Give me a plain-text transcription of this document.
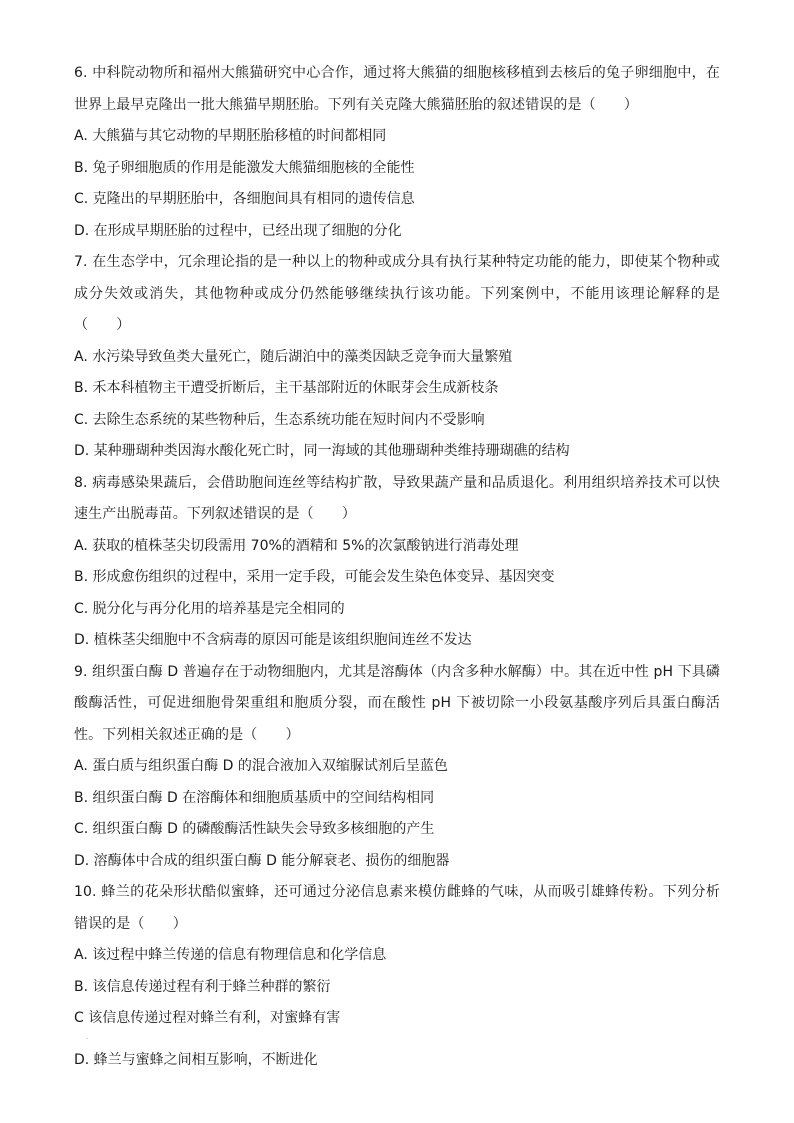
6. 中科院动物所和福州大熊猫研究中心合作，通过将大熊猫的细胞核移植到去核后的兔子卵细胞中，在世界上最早克隆出一批大熊猫早期胚胎。下列有关克隆大熊猫胚胎的叙述错误的是（　　）

A. 大熊猫与其它动物的早期胚胎移植的时间都相同

B. 兔子卵细胞质的作用是能激发大熊猫细胞核的全能性

C. 克隆出的早期胚胎中，各细胞间具有相同的遗传信息

D. 在形成早期胚胎的过程中，已经出现了细胞的分化

7. 在生态学中，冗余理论指的是一种以上的物种或成分具有执行某种特定功能的能力，即使某个物种或成分失效或消失，其他物种或成分仍然能够继续执行该功能。下列案例中，不能用该理论解释的是（　　）

A. 水污染导致鱼类大量死亡，随后湖泊中的藻类因缺乏竞争而大量繁殖

B. 禾本科植物主干遭受折断后，主干基部附近的休眠芽会生成新枝条

C. 去除生态系统的某些物种后，生态系统功能在短时间内不受影响

D. 某种珊瑚种类因海水酸化死亡时，同一海域的其他珊瑚种类维持珊瑚礁的结构

8. 病毒感染果蔬后，会借助胞间连丝等结构扩散，导致果蔬产量和品质退化。利用组织培养技术可以快速生产出脱毒苗。下列叙述错误的是（　　）

A. 获取的植株茎尖切段需用 70%的酒精和 5%的次氯酸钠进行消毒处理

B. 形成愈伤组织的过程中，采用一定手段，可能会发生染色体变异、基因突变

C. 脱分化与再分化用的培养基是完全相同的

D. 植株茎尖细胞中不含病毒的原因可能是该组织胞间连丝不发达

9. 组织蛋白酶 D 普遍存在于动物细胞内，尤其是溶酶体（内含多种水解酶）中。其在近中性 pH 下具磷酸酶活性，可促进细胞骨架重组和胞质分裂，而在酸性 pH 下被切除一小段氨基酸序列后具蛋白酶活性。下列相关叙述正确的是（　　）

A. 蛋白质与组织蛋白酶 D 的混合液加入双缩脲试剂后呈蓝色

B. 组织蛋白酶 D 在溶酶体和细胞质基质中的空间结构相同

C. 组织蛋白酶 D 的磷酸酶活性缺失会导致多核细胞的产生

D. 溶酶体中合成的组织蛋白酶 D 能分解衰老、损伤的细胞器

10. 蜂兰的花朵形状酷似蜜蜂，还可通过分泌信息素来模仿雌蜂的气味，从而吸引雄蜂传粉。下列分析错误的是（　　）

A. 该过程中蜂兰传递的信息有物理信息和化学信息

B. 该信息传递过程有利于蜂兰种群的繁衍

C 该信息传递过程对蜂兰有利，对蜜蜂有害

·

D. 蜂兰与蜜蜂之间相互影响，不断进化
